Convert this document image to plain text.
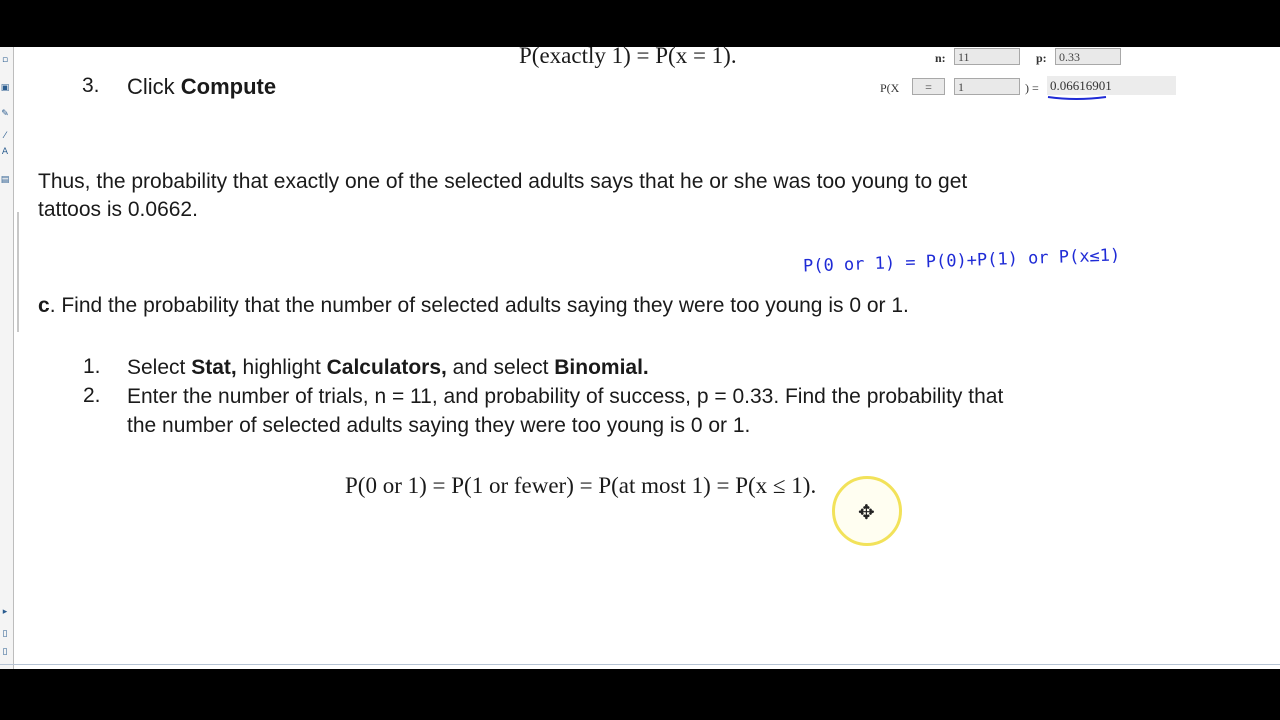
▫
▣
✎
⁄
A
▤
▸
▯
▯
3. Click Compute
P(exactly 1) = P(x = 1).	n:	11	p:	0.33
P(X	=	1	) = 0.06616901
Thus, the probability that exactly one of the selected adults says that he or she was too young to get
tattoos is 0.0662.
P(0 or 1) = P(0)+P(1) or P(x≤1)
c. Find the probability that the number of selected adults saying they were too young is 0 or 1.
1. Select Stat, highlight Calculators, and select Binomial.
2. Enter the number of trials, n = 11, and probability of success, p = 0.33. Find the probability that
the number of selected adults saying they were too young is 0 or 1.
P(0 or 1) = P(1 or fewer) = P(at most 1) = P(x ≤ 1).
✥
